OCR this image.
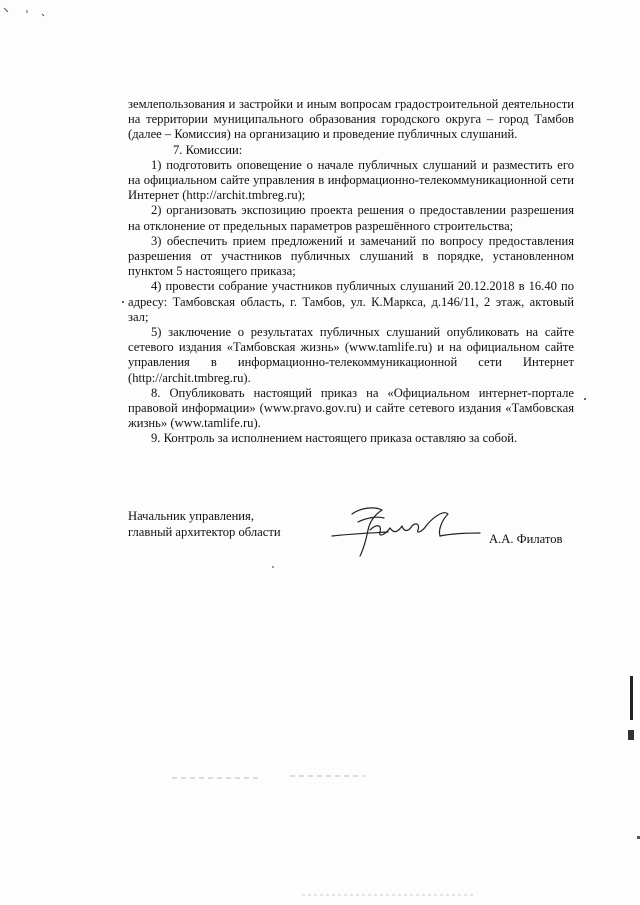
землепользования и застройки и иным вопросам градостроительной деятельности на территории муниципального образования городского округа – город Тамбов (далее – Комиссия) на организацию и проведение публичных слушаний.

7. Комиссии:

1) подготовить оповещение о начале публичных слушаний и разместить его на официальном сайте управления в информационно-телекоммуникационной сети Интернет (http://archit.tmbreg.ru);

2) организовать экспозицию проекта решения о предоставлении разрешения на отклонение от предельных параметров разрешённого строительства;

3) обеспечить прием предложений и замечаний по вопросу предоставления разрешения от участников публичных слушаний в порядке, установленном пунктом 5 настоящего приказа;

4) провести собрание участников публичных слушаний 20.12.2018 в 16.40 по адресу: Тамбовская область, г. Тамбов, ул. К.Маркса, д.146/11, 2 этаж, актовый зал;

5) заключение о результатах публичных слушаний опубликовать на сайте сетевого издания «Тамбовская жизнь» (www.tamlife.ru) и на официальном сайте управления в информационно-телекоммуникационной сети Интернет (http://archit.tmbreg.ru).

8. Опубликовать настоящий приказ на «Официальном интернет-портале правовой информации» (www.pravo.gov.ru) и сайте сетевого издания «Тамбовская жизнь» (www.tamlife.ru).

9. Контроль за исполнением настоящего приказа оставляю за собой.

Начальник управления,
главный архитектор области
А.А. Филатов
